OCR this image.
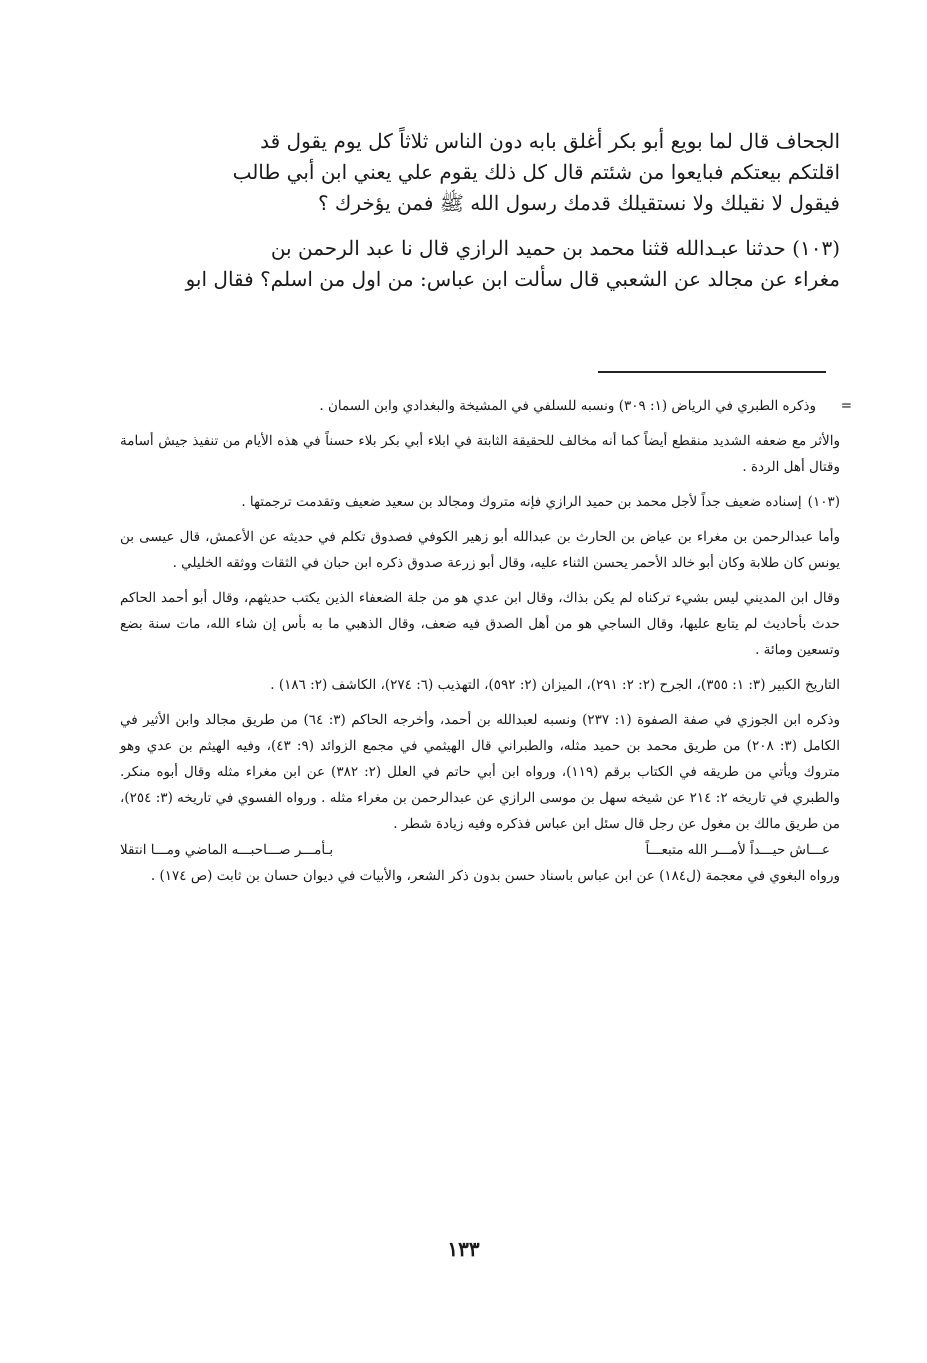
الجحاف قال لما بويع أبو بكر أغلق بابه دون الناس ثلاثاً كل يوم يقول قد

اقلتكم بيعتكم فبايعوا من شئتم قال كل ذلك يقوم علي يعني ابن أبي طالب

فيقول لا نقيلك ولا نستقيلك قدمك رسول الله ﷺ فمن يؤخرك ؟

(١٠٣) حدثنا عبـدالله قثنا محمد بن حميد الرازي قال نا عبد الرحمن بن

مغراء عن مجالد عن الشعبي قال سألت ابن عباس: من اول من اسلم؟ فقال ابو

=
وذكره الطبري في الرياض (١: ٣٠٩) ونسبه للسلفي في المشيخة والبغدادي وابن السمان .

والأثر مع ضعفه الشديد منقطع أيضاً كما أنه مخالف للحقيقة الثابتة في ابلاء أبي بكر بلاء حسناً في هذه الأيام من تنفيذ جيش أسامة وقتال أهل الردة .

(١٠٣)إسناده ضعيف جداً لأجل محمد بن حميد الرازي فإنه متروك ومجالد بن سعيد ضعيف وتقدمت ترجمتها .

وأما عبدالرحمن بن مغراء بن عياض بن الحارث بن عبدالله أبو زهير الكوفي فصدوق تكلم في حديثه عن الأعمش، قال عيسى بن يونس كان طلابة وكان أبو خالد الأحمر يحسن الثناء عليه، وقال أبو زرعة صدوق ذكره ابن حبان في الثقات ووثقه الخليلي .

وقال ابن المديني ليس بشيء تركناه لم يكن بذاك، وقال ابن عدي هو من جلة الضعفاء الذين يكتب حديثهم، وقال أبو أحمد الحاكم حدث بأحاديث لم يتابع عليها، وقال الساجي هو من أهل الصدق فيه ضعف، وقال الذهبي ما به بأس إن شاء الله، مات سنة بضع وتسعين ومائة .

التاريخ الكبير (٣: ١: ٣٥٥)، الجرح (٢: ٢: ٢٩١)، الميزان (٢: ٥٩٢)، التهذيب (٦: ٢٧٤)، الكاشف (٢: ١٨٦) .

وذكره ابن الجوزي في صفة الصفوة (١: ٢٣٧) ونسبه لعبدالله بن أحمد، وأخرجه الحاكم (٣: ٦٤) من طريق مجالد وابن الأثير في الكامل (٣: ٢٠٨) من طريق محمد بن حميد مثله، والطبراني قال الهيثمي في مجمع الزوائد (٩: ٤٣)، وفيه الهيثم بن عدي وهو متروك ويأتي من طريقه في الكتاب برقم (١١٩)، ورواه ابن أبي حاتم في العلل (٢: ٣٨٢) عن ابن مغراء مثله وقال أبوه منكر. والطبري في تاريخه ٢: ٢١٤ عن شيخه سهل بن موسى الرازي عن عبدالرحمن بن مغراء مثله . ورواه الفسوي في تاريخه (٣: ٢٥٤)، من طريق مالك بن مغول عن رجل قال سئل ابن عباس فذكره وفيه زيادة شطر .

عـــاش حيـــداً لأمـــر الله متبعـــاً
بـأمـــر صـــاحبـــه الماضي ومـــا انتقلا

ورواه البغوي في معجمة (ل١٨٤) عن ابن عباس باسناد حسن بدون ذكر الشعر، والأبيات في ديوان حسان بن ثابت (ص ١٧٤) .

١٣٣
